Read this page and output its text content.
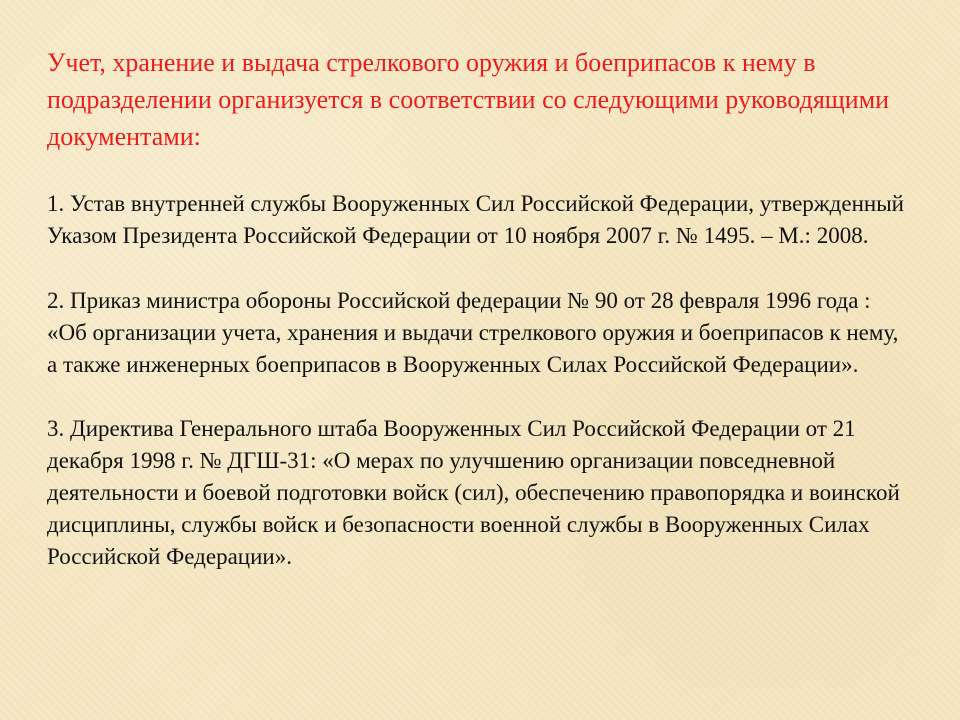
Учет, хранение и выдача стрелкового оружия и боеприпасов к нему в подразделении организуется в соответствии со следующими руководящими документами:

1. Устав внутренней службы Вооруженных Сил Российской Федерации, утвержденный Указом Президента Российской Федерации от 10 ноября 2007 г. № 1495. – М.: 2008.

2. Приказ министра обороны Российской федерации № 90 от 28 февраля 1996 года : «Об организации учета, хранения и выдачи стрелкового оружия и боеприпасов к нему, а также инженерных боеприпасов в Вооруженных Силах Российской Федерации».

3. Директива Генерального штаба Вооруженных Сил Российской Федерации от 21 декабря 1998 г. № ДГШ-31: «О мерах по улучшению организации повседневной деятельности и боевой подготовки войск (сил), обеспечению правопорядка и воинской дисциплины, службы войск и безопасности военной службы в Вооруженных Силах Российской Федерации».
